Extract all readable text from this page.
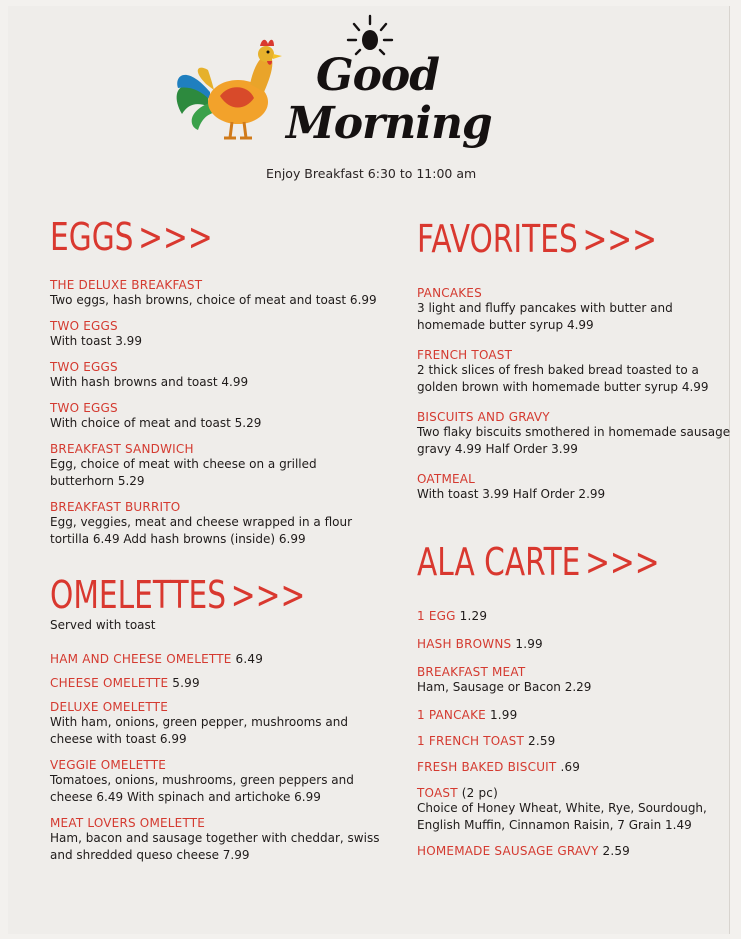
Good
Morning
Enjoy Breakfast 6:30 to 11:00 am
EGGS >>>
THE DELUXE BREAKFAST
Two eggs, hash browns, choice of meat and toast 6.99
TWO EGGS
With toast 3.99
TWO EGGS
With hash browns and toast 4.99
TWO EGGS
With choice of meat and toast 5.29
BREAKFAST SANDWICH
Egg, choice of meat with cheese on a grilled butterhorn 5.29
BREAKFAST BURRITO
Egg, veggies, meat and cheese wrapped in a flour tortilla 6.49 Add hash browns (inside) 6.99
OMELETTES >>>
Served with toast
HAM AND CHEESE OMELETTE 6.49
CHEESE OMELETTE 5.99
DELUXE OMELETTE
With ham, onions, green pepper, mushrooms and cheese with toast 6.99
VEGGIE OMELETTE
Tomatoes, onions, mushrooms, green peppers and cheese 6.49 With spinach and artichoke 6.99
MEAT LOVERS OMELETTE
Ham, bacon and sausage together with cheddar, swiss and shredded queso cheese 7.99
FAVORITES >>>
PANCAKES
3 light and fluffy pancakes with butter and homemade butter syrup 4.99
FRENCH TOAST
2 thick slices of fresh baked bread toasted to a golden brown with homemade butter syrup 4.99
BISCUITS AND GRAVY
Two flaky biscuits smothered in homemade sausage gravy 4.99 Half Order 3.99
OATMEAL
With toast 3.99 Half Order 2.99
ALA CARTE >>>
1 EGG 1.29
HASH BROWNS 1.99
BREAKFAST MEAT
Ham, Sausage or Bacon 2.29
1 PANCAKE 1.99
1 FRENCH TOAST 2.59
FRESH BAKED BISCUIT .69
TOAST (2 pc)
Choice of Honey Wheat, White, Rye, Sourdough, English Muffin, Cinnamon Raisin, 7 Grain 1.49
HOMEMADE SAUSAGE GRAVY 2.59
